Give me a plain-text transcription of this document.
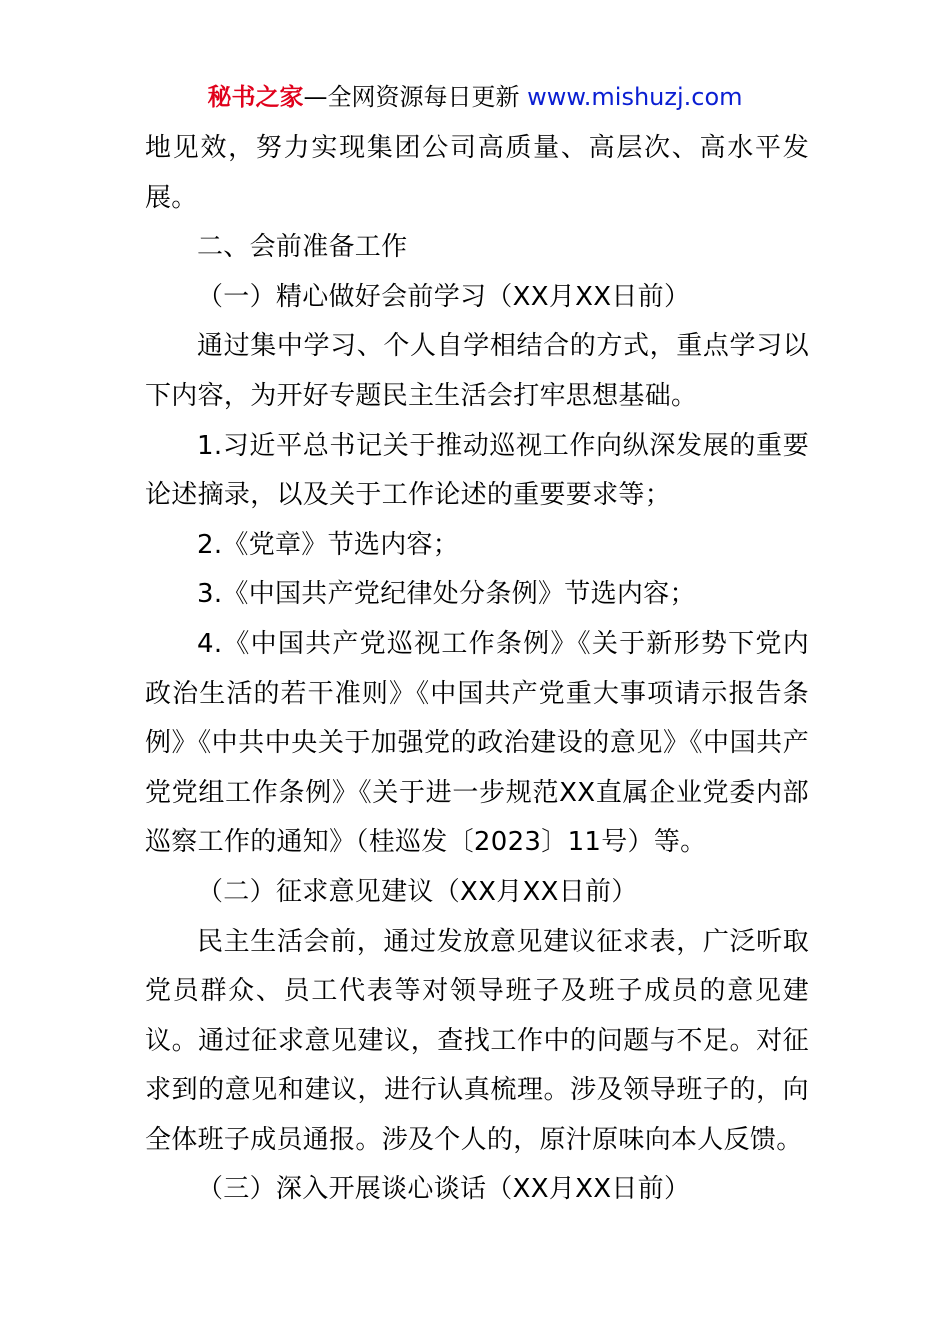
秘书之家—全网资源每日更新 www.mishuzj.com

地见效，努力实现集团公司高质量、高层次、高水平发展。

二、会前准备工作

（一）精心做好会前学习（XX月XX日前）

通过集中学习、个人自学相结合的方式，重点学习以下内容，为开好专题民主生活会打牢思想基础。

1.习近平总书记关于推动巡视工作向纵深发展的重要论述摘录，以及关于工作论述的重要要求等；

2.《党章》节选内容；

3.《中国共产党纪律处分条例》节选内容；

4.《中国共产党巡视工作条例》《关于新形势下党内政治生活的若干准则》《中国共产党重大事项请示报告条例》《中共中央关于加强党的政治建设的意见》《中国共产党党组工作条例》《关于进一步规范XX直属企业党委内部巡察工作的通知》（桂巡发〔2023〕11号）等。

（二）征求意见建议（XX月XX日前）

民主生活会前，通过发放意见建议征求表，广泛听取党员群众、员工代表等对领导班子及班子成员的意见建议。通过征求意见建议，查找工作中的问题与不足。对征求到的意见和建议，进行认真梳理。涉及领导班子的，向全体班子成员通报。涉及个人的，原汁原味向本人反馈。

（三）深入开展谈心谈话（XX月XX日前）
